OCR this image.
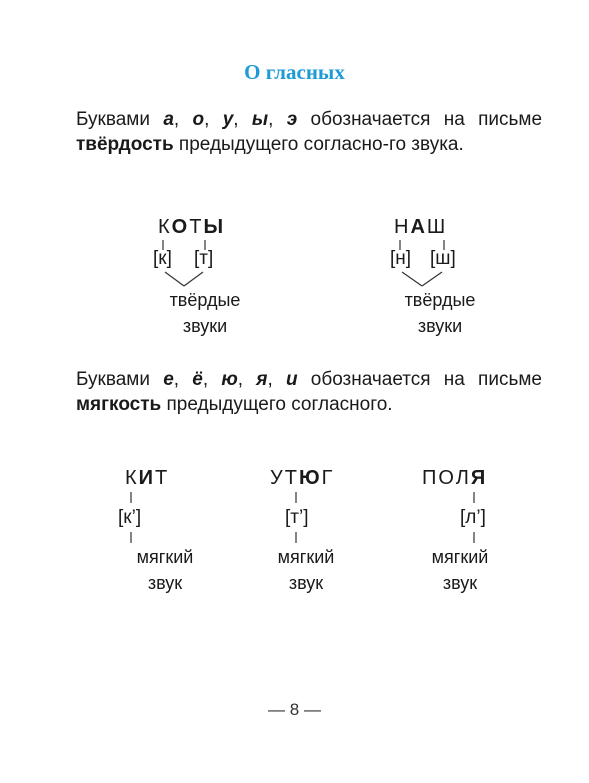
О гласных

Буквами а, о, у, ы, э обозначается на письме твёрдость предыдущего согласно-го звука.

КОТЫ
[к] [т]
твёрдые
звуки
НАШ
[н] [ш]
твёрдые
звуки

Буквами е, ё, ю, я, и обозначается на письме мягкость предыдущего согласного.

КИТ
[к’]
мягкий
звук
УТЮГ
[т’]
мягкий
звук
ПОЛЯ
[л’]
мягкий
звук
— 8 —
